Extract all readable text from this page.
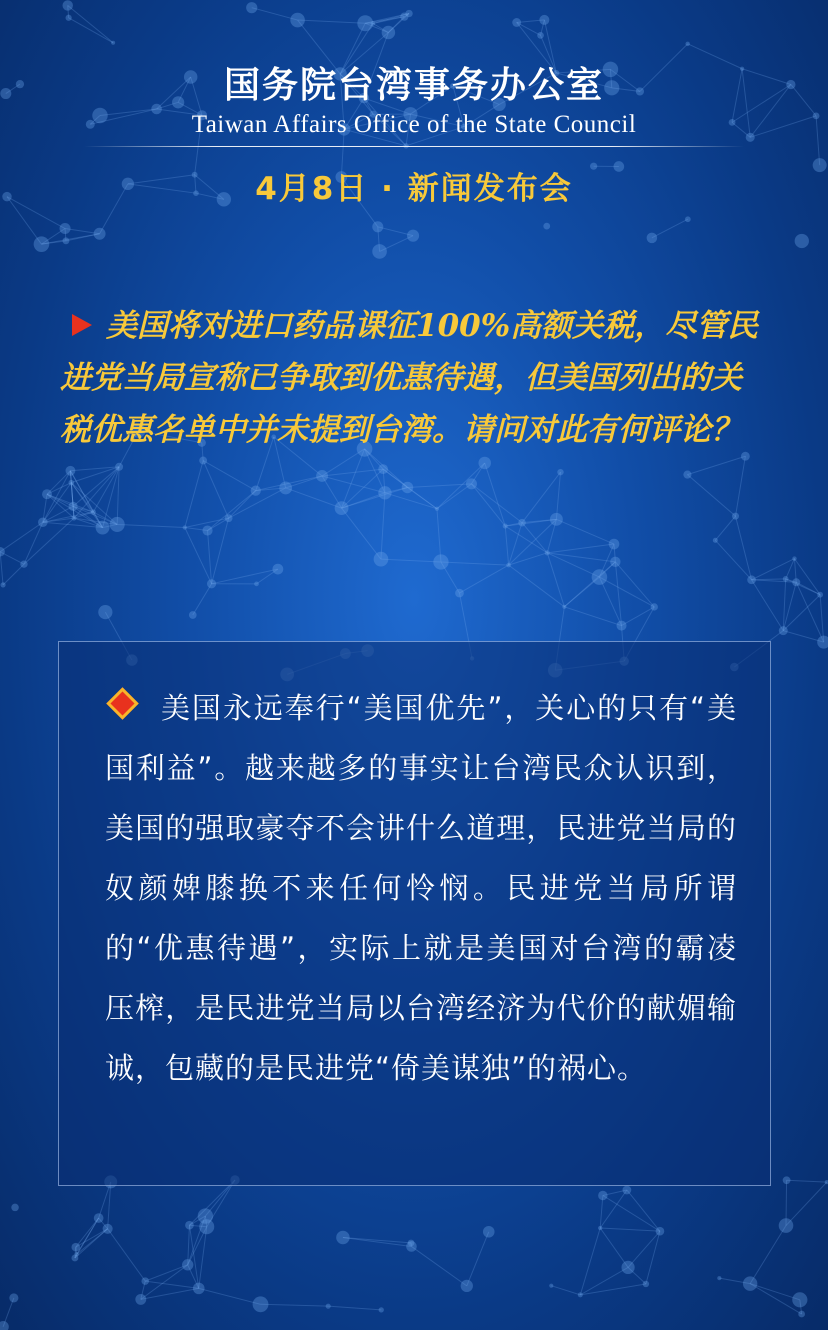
国务院台湾事务办公室
Taiwan Affairs Office of the State Council
4月8日 · 新闻发布会
美国将对进口药品课征100%高额关税，尽管民进党当局宣称已争取到优惠待遇，但美国列出的关税优惠名单中并未提到台湾。请问对此有何评论？
美国永远奉行“美国优先”，关心的只有“美国利益”。越来越多的事实让台湾民众认识到，美国的强取豪夺不会讲什么道理，民进党当局的奴颜婢膝换不来任何怜悯。民进党当局所谓的“优惠待遇”，实际上就是美国对台湾的霸凌压榨，是民进党当局以台湾经济为代价的献媚输诚，包藏的是民进党“倚美谋独”的祸心。
